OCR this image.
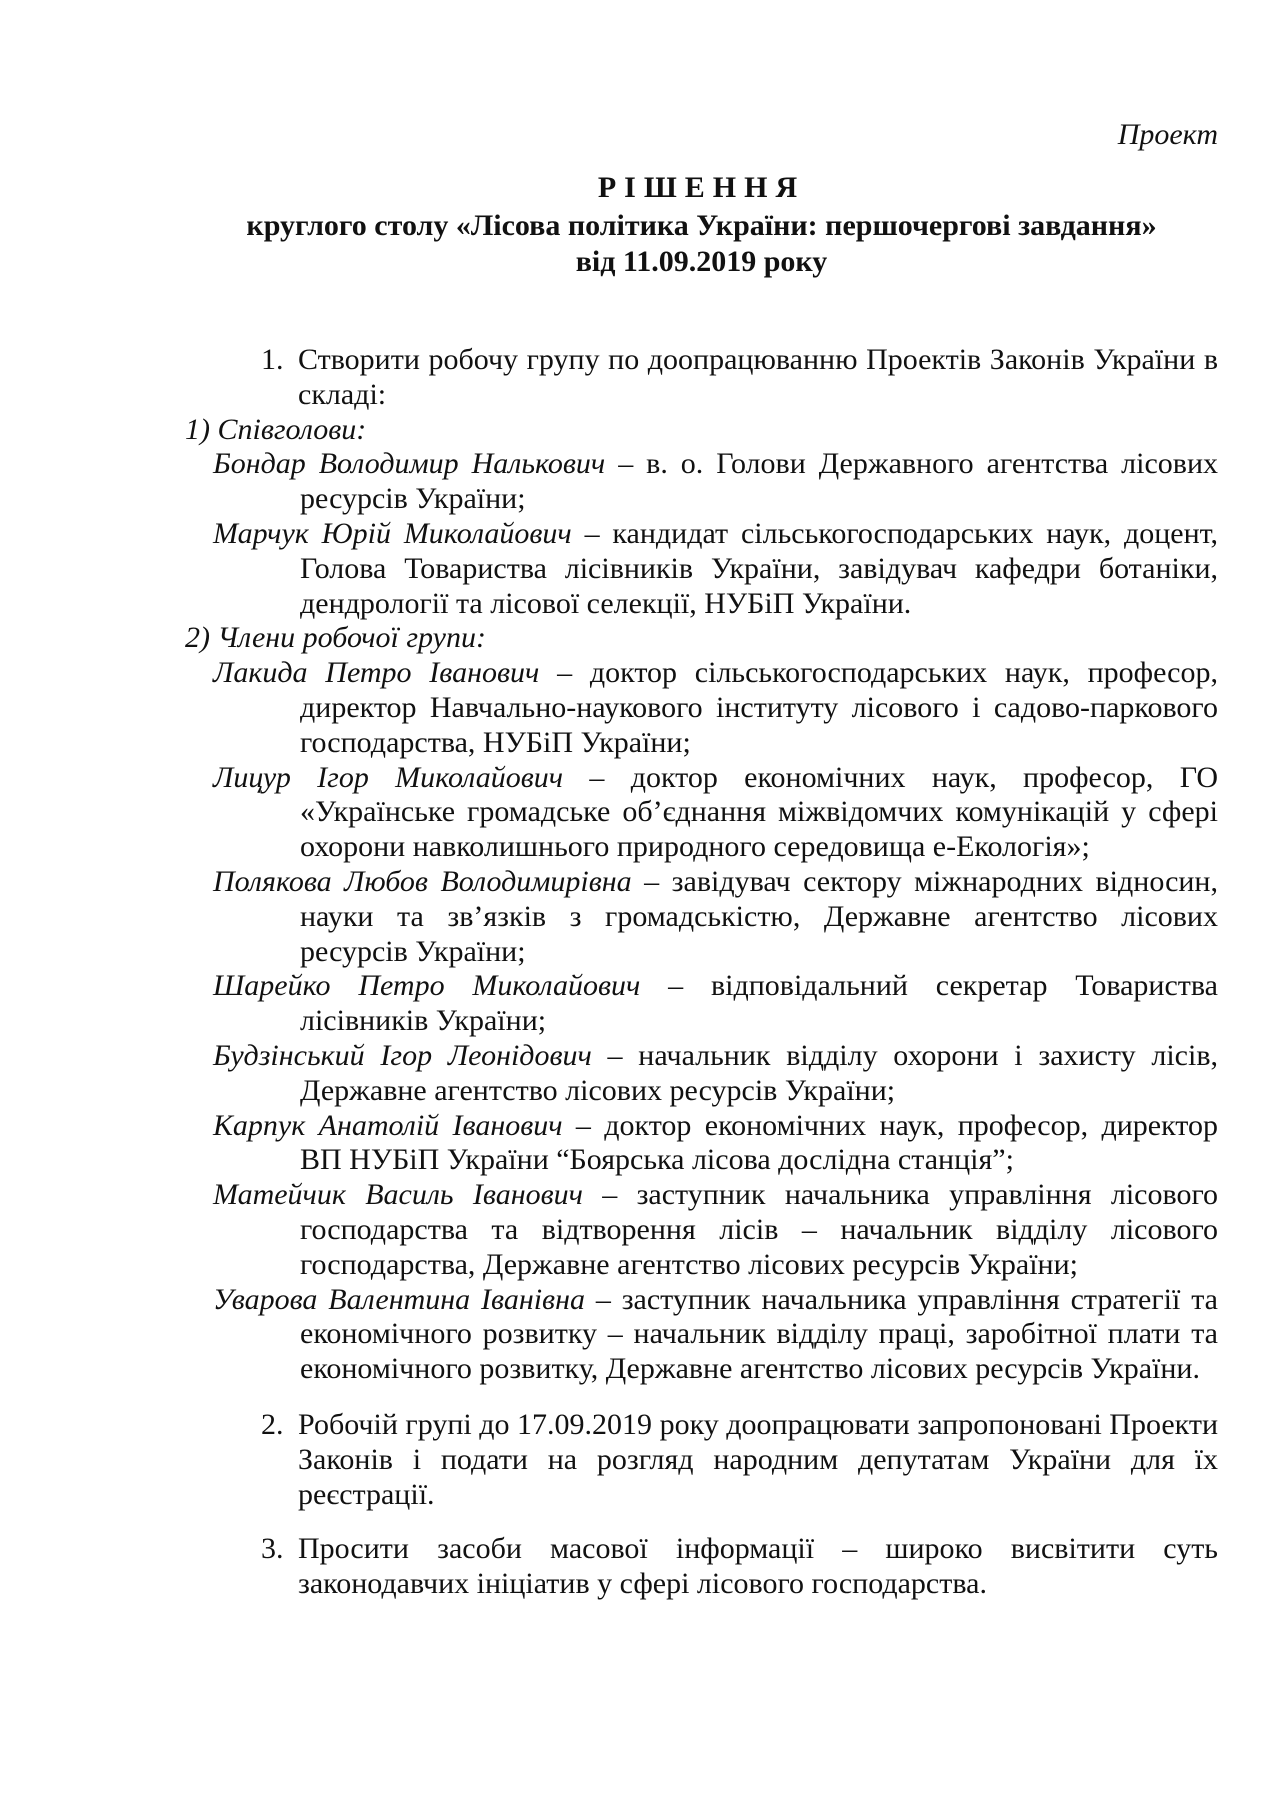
Проект
РІШЕННЯ
круглого столу «Лісова політика України: першочергові завдання»
від 11.09.2019 року

1. Створити робочу групу по доопрацюванню Проектів Законів України в складі:

1) Співголови:

Бондар Володимир Налькович – в. о. Голови Державного агентства лісових ресурсів України;

Марчук Юрій Миколайович – кандидат сільськогосподарських наук, доцент, Голова Товариства лісівників України, завідувач кафедри ботаніки, дендрології та лісової селекції, НУБіП України.

2) Члени робочої групи:

Лакида Петро Іванович – доктор сільськогосподарських наук, професор, директор Навчально-наукового інституту лісового і садово-паркового господарства, НУБіП України;

Лицур Ігор Миколайович – доктор економічних наук, професор, ГО «Українське громадське об’єднання міжвідомчих комунікацій у сфері охорони навколишнього природного середовища е-Екологія»;

Полякова Любов Володимирівна – завідувач сектору міжнародних відносин, науки та зв’язків з громадськістю, Державне агентство лісових ресурсів України;

Шарейко Петро Миколайович – відповідальний секретар Товариства лісівників України;

Будзінський Ігор Леонідович – начальник відділу охорони і захисту лісів, Державне агентство лісових ресурсів України;

Карпук Анатолій Іванович – доктор економічних наук, професор, директор ВП НУБіП України “Боярська лісова дослідна станція”;

Матейчик Василь Іванович – заступник начальника управління лісового господарства та відтворення лісів – начальник відділу лісового господарства, Державне агентство лісових ресурсів України;

Уварова Валентина Іванівна – заступник начальника управління стратегії та економічного розвитку – начальник відділу праці, заробітної плати та економічного розвитку, Державне агентство лісових ресурсів України.

2. Робочій групі до 17.09.2019 року доопрацювати запропоновані Проекти Законів і подати на розгляд народним депутатам України для їх реєстрації.

3. Просити засоби масової інформації – широко висвітити суть законодавчих ініціатив у сфері лісового господарства.
